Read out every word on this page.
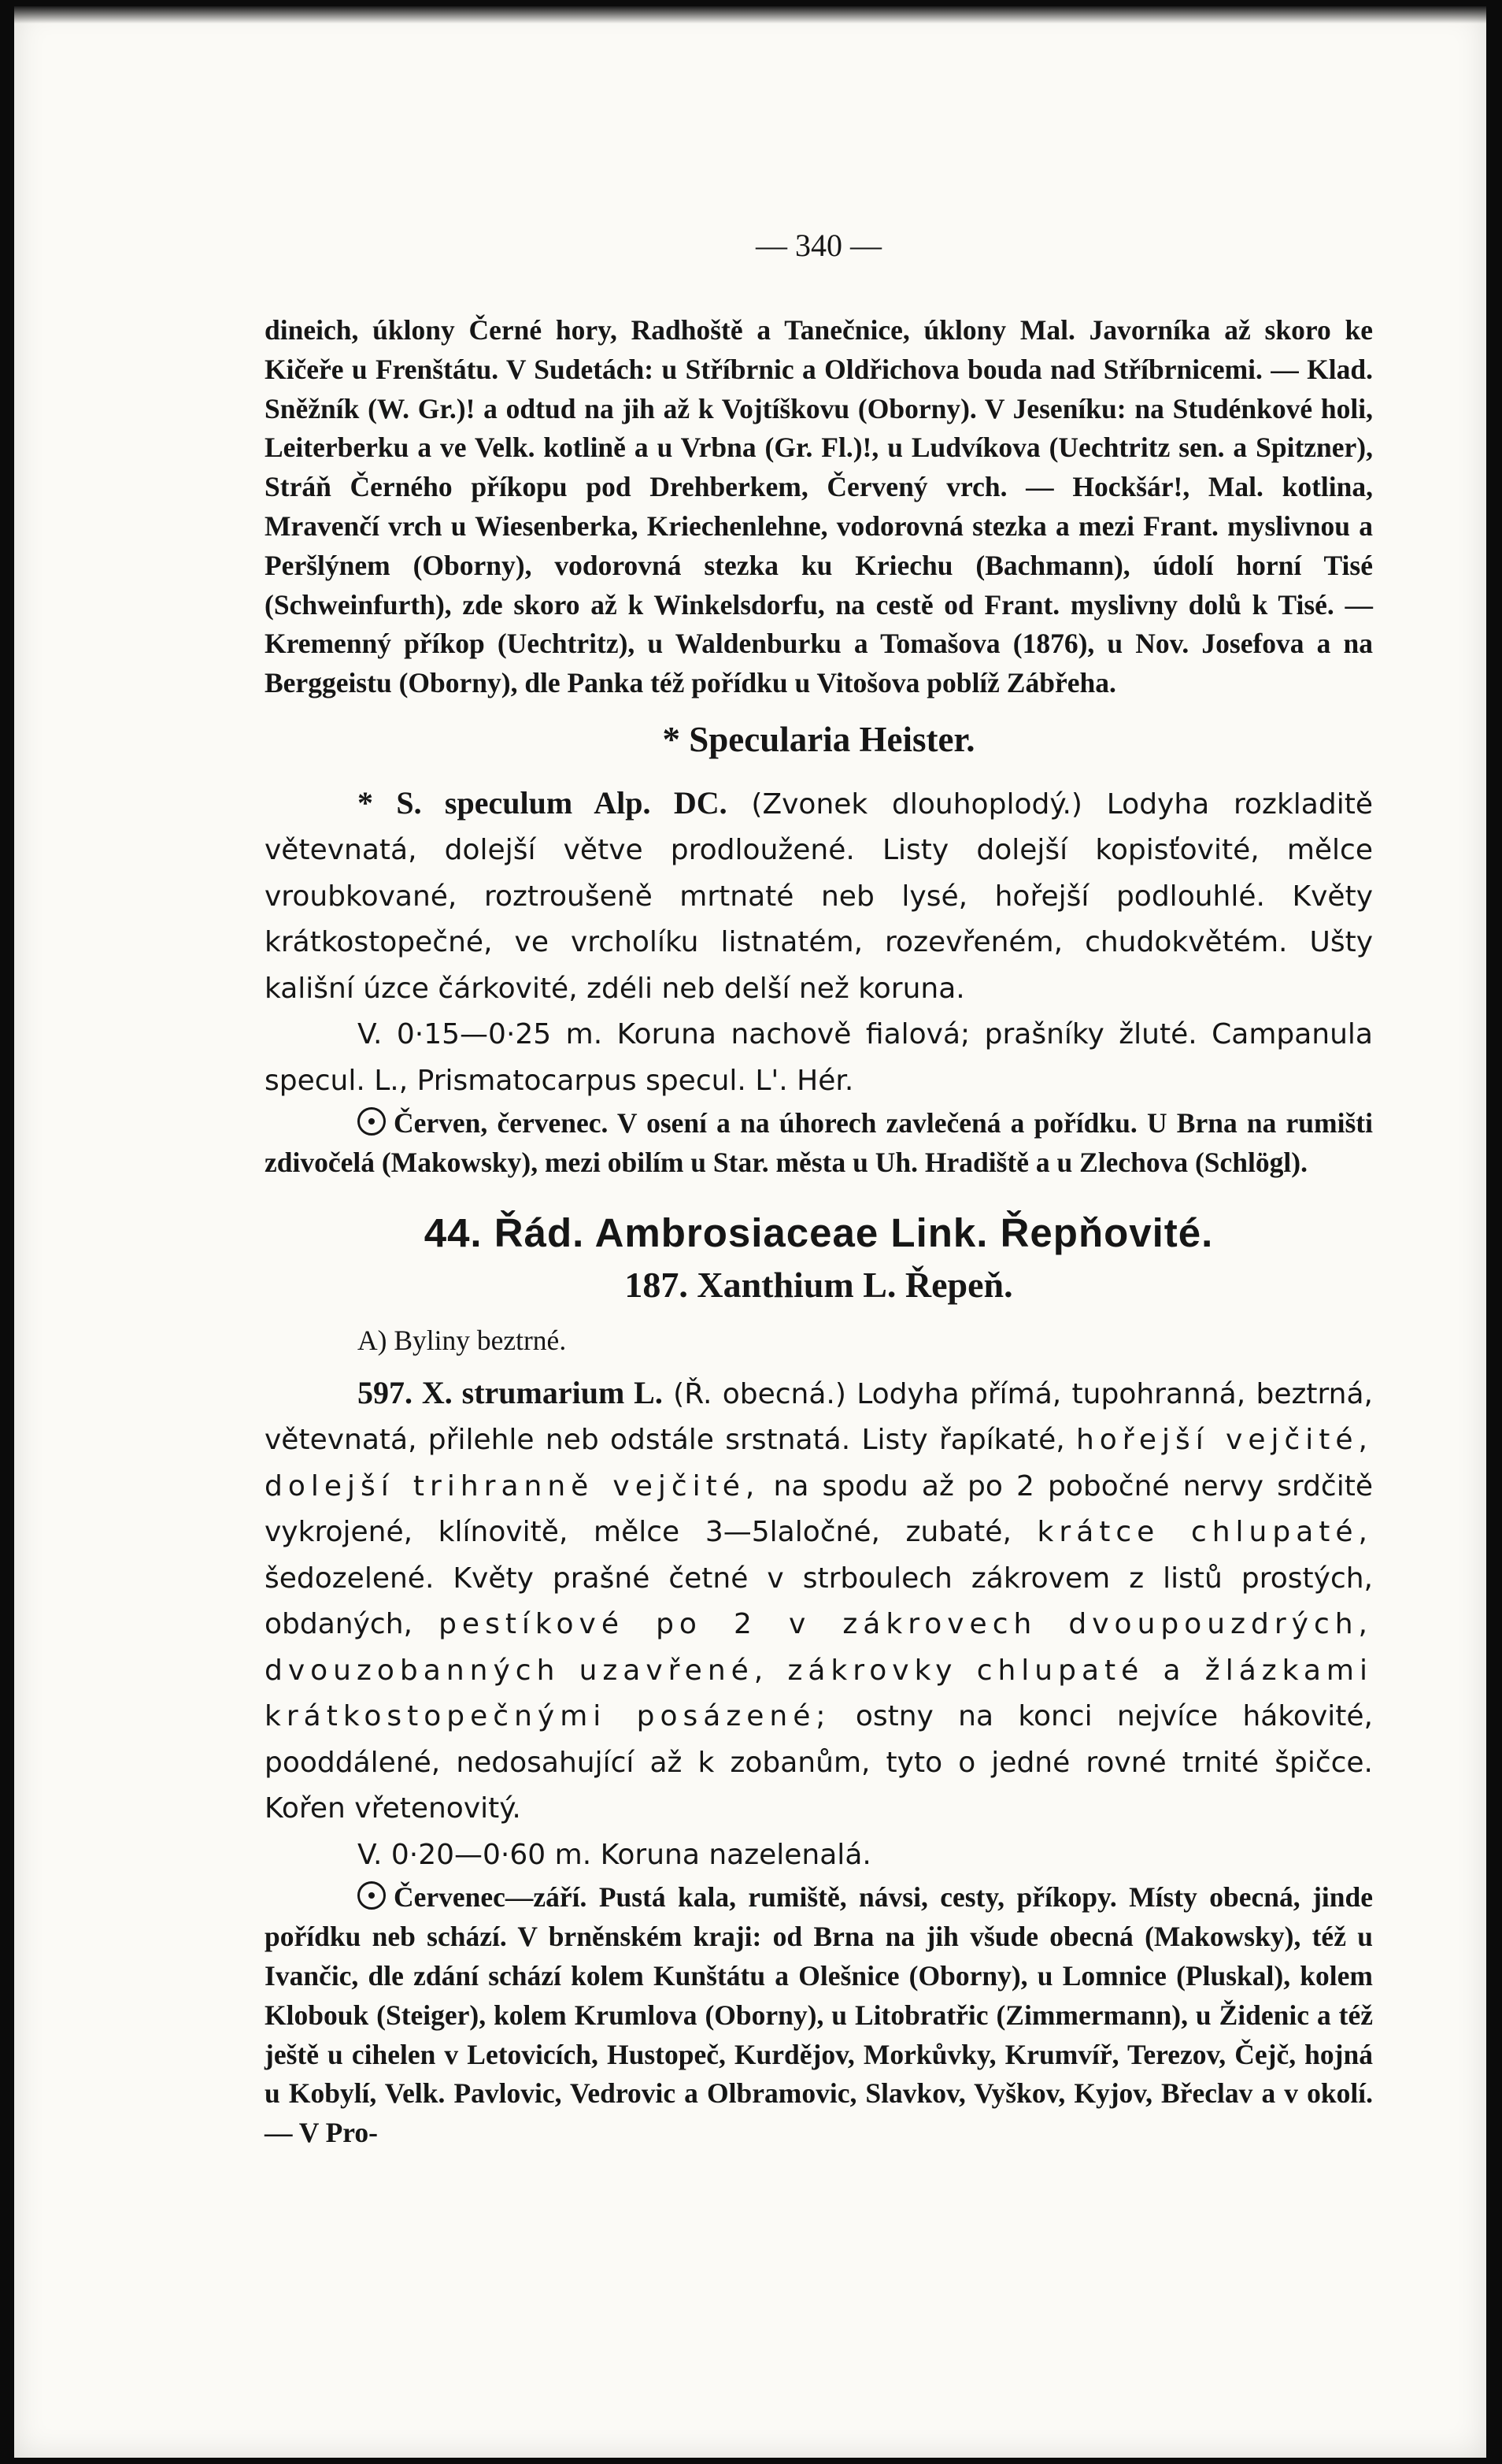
— 340 —

dineich, úklony Černé hory, Radhoště a Tanečnice, úklony Mal. Javorníka až skoro ke Kičeře u Frenštátu. V Sudetách: u Stříbrnic a Oldřichova bouda nad Stříbrnicemi. — Klad. Sněžník (W. Gr.)! a odtud na jih až k Vojtíškovu (Oborny). V Jeseníku: na Studénkové holi, Leiterberku a ve Velk. kotlině a u Vrbna (Gr. Fl.)!, u Ludvíkova (Uechtritz sen. a Spitzner), Stráň Černého příkopu pod Drehberkem, Červený vrch. — Hockšár!, Mal. kotlina, Mravenčí vrch u Wiesenberka, Kriechenlehne, vodorovná stezka a mezi Frant. myslivnou a Peršlýnem (Oborny), vodorovná stezka ku Kriechu (Bachmann), údolí horní Tisé (Schweinfurth), zde skoro až k Winkelsdorfu, na cestě od Frant. myslivny dolů k Tisé. — Kremenný příkop (Uechtritz), u Waldenburku a Tomašova (1876), u Nov. Josefova a na Berggeistu (Oborny), dle Panka též pořídku u Vitošova poblíž Zábřeha.

* Specularia Heister.

* S. speculum Alp. DC. (Zvonek dlouhoplodý.) Lodyha rozkladitě větevnatá, dolejší větve prodloužené. Listy dolejší kopisťovité, mělce vroubkované, roztroušeně mrtnaté neb lysé, hořejší podlouhlé. Květy krátkostopečné, ve vrcholíku listnatém, rozevřeném, chudokvětém. Ušty kališní úzce čárkovité, zdéli neb delší než koruna.

V. 0·15—0·25 m. Koruna nachově fialová; prašníky žluté. Campanula specul. L., Prismatocarpus specul. L'. Hér.

Červen, červenec. V osení a na úhorech zavlečená a pořídku. U Brna na rumišti zdivočelá (Makowsky), mezi obilím u Star. města u Uh. Hradiště a u Zlechova (Schlögl).

44. Řád. Ambrosiaceae Link. Řepňovité.
187. Xanthium L. Řepeň.

A) Byliny beztrné.

597. X. strumarium L. (Ř. obecná.) Lodyha přímá, tupohranná, beztrná, větevnatá, přilehle neb odstále srstnatá. Listy řapíkaté, hořejší vejčité, dolejší trihranně vejčité, na spodu až po 2 pobočné nervy srdčitě vykrojené, klínovitě, mělce 3—5laločné, zubaté, krátce chlupaté, šedozelené. Květy prašné četné v strboulech zákrovem z listů prostých, obdaných, pestíkové po 2 v zákrovech dvoupouzdrých, dvouzobanných uzavřené, zákrovky chlupaté a žlázkami krátkostopečnými posázené; ostny na konci nejvíce hákovité, pooddálené, nedosahující až k zobanům, tyto o jedné rovné trnité špičce. Kořen vřetenovitý.

V. 0·20—0·60 m. Koruna nazelenalá.

Červenec—září. Pustá kala, rumiště, návsi, cesty, příkopy. Místy obecná, jinde pořídku neb schází. V brněnském kraji: od Brna na jih všude obecná (Makowsky), též u Ivančic, dle zdání schází kolem Kunštátu a Olešnice (Oborny), u Lomnice (Pluskal), kolem Klobouk (Steiger), kolem Krumlova (Oborny), u Litobratřic (Zimmermann), u Židenic a též ještě u cihelen v Letovicích, Hustopeč, Kurdějov, Morkůvky, Krumvíř, Terezov, Čejč, hojná u Kobylí, Velk. Pavlovic, Vedrovic a Olbramovic, Slavkov, Vyškov, Kyjov, Břeclav a v okolí. — V Pro-
